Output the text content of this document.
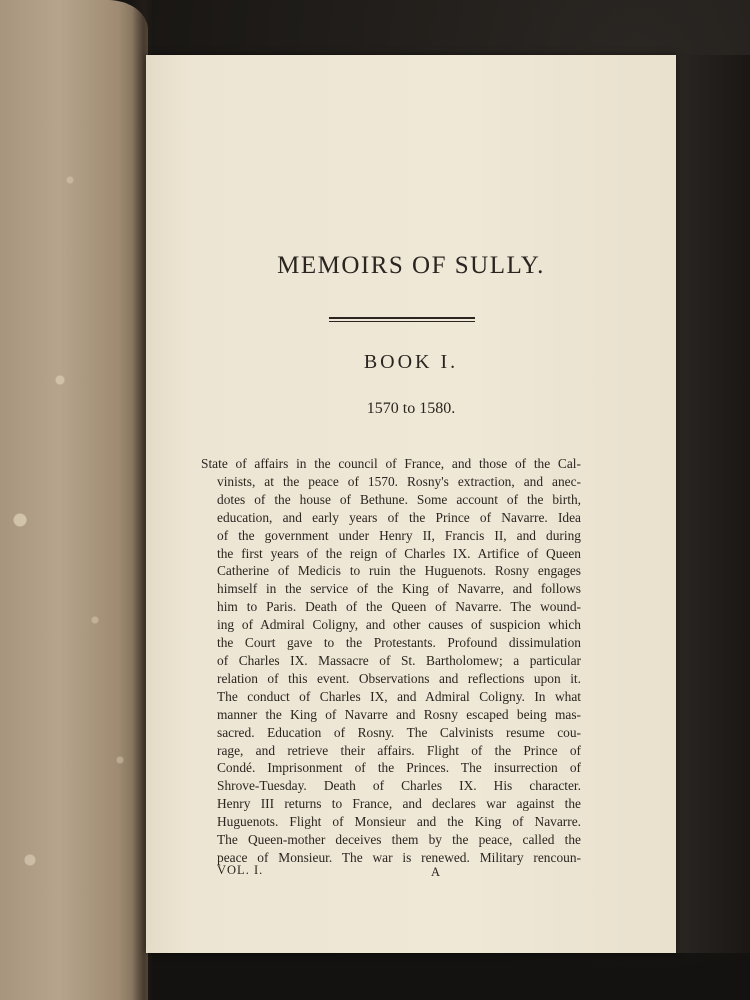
MEMOIRS OF SULLY.
BOOK I.

1570 to 1580.

State of affairs in the council of France, and those of the Cal-
vinists, at the peace of 1570. Rosny's extraction, and anec-
dotes of the house of Bethune. Some account of the birth,
education, and early years of the Prince of Navarre. Idea
of the government under Henry II, Francis II, and during
the first years of the reign of Charles IX. Artifice of Queen
Catherine of Medicis to ruin the Huguenots. Rosny engages
himself in the service of the King of Navarre, and follows
him to Paris. Death of the Queen of Navarre. The wound-
ing of Admiral Coligny, and other causes of suspicion which
the Court gave to the Protestants. Profound dissimulation
of Charles IX. Massacre of St. Bartholomew; a particular
relation of this event. Observations and reflections upon it.
The conduct of Charles IX, and Admiral Coligny. In what
manner the King of Navarre and Rosny escaped being mas-
sacred. Education of Rosny. The Calvinists resume cou-
rage, and retrieve their affairs. Flight of the Prince of
Condé. Imprisonment of the Princes. The insurrection of
Shrove-Tuesday. Death of Charles IX. His character.
Henry III returns to France, and declares war against the
Huguenots. Flight of Monsieur and the King of Navarre.
The Queen-mother deceives them by the peace, called the
peace of Monsieur. The war is renewed. Military rencoun-

VOL. I.	A
